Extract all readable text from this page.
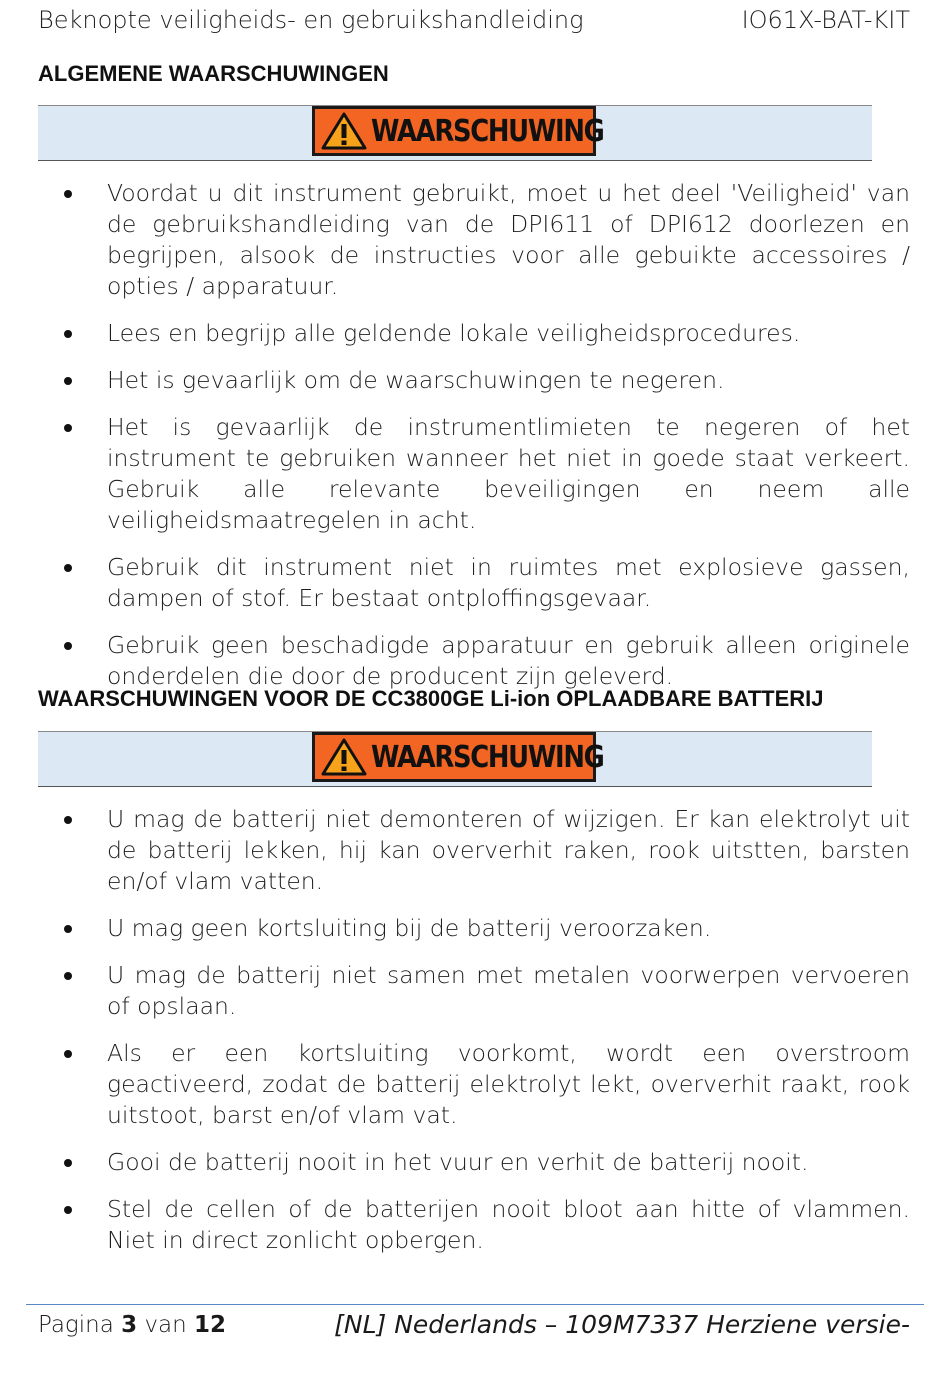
Beknopte veiligheids- en gebruikshandleiding	IO61X-BAT-KIT
ALGEMENE WAARSCHUWINGEN
WAARSCHUWING
Voordat u dit instrument gebruikt, moet u het deel 'Veiligheid' van de gebruikshandleiding van de DPI611 of DPI612 doorlezen en begrijpen, alsook de instructies voor alle gebuikte accessoires / opties / apparatuur.
Lees en begrijp alle geldende lokale veiligheidsprocedures.
Het is gevaarlijk om de waarschuwingen te negeren.
Het is gevaarlijk de instrumentlimieten te negeren of het instrument te gebruiken wanneer het niet in goede staat verkeert. Gebruik alle relevante beveiligingen en neem alle veiligheidsmaatregelen in acht.
Gebruik dit instrument niet in ruimtes met explosieve gassen, dampen of stof. Er bestaat ontploffingsgevaar.
Gebruik geen beschadigde apparatuur en gebruik alleen originele onderdelen die door de producent zijn geleverd.
WAARSCHUWINGEN VOOR DE CC3800GE Li-ion OPLAADBARE BATTERIJ
WAARSCHUWING
U mag de batterij niet demonteren of wijzigen. Er kan elektrolyt uit de batterij lekken, hij kan oververhit raken, rook uitstten, barsten en/of vlam vatten.
U mag geen kortsluiting bij de batterij veroorzaken.
U mag de batterij niet samen met metalen voorwerpen vervoeren of opslaan.
Als er een kortsluiting voorkomt, wordt een overstroom geactiveerd, zodat de batterij elektrolyt lekt, oververhit raakt, rook uitstoot, barst en/of vlam vat.
Gooi de batterij nooit in het vuur en verhit de batterij nooit.
Stel de cellen of de batterijen nooit bloot aan hitte of vlammen. Niet in direct zonlicht opbergen.
Pagina 3 van 12	[NL] Nederlands – 109M7337 Herziene versie-
